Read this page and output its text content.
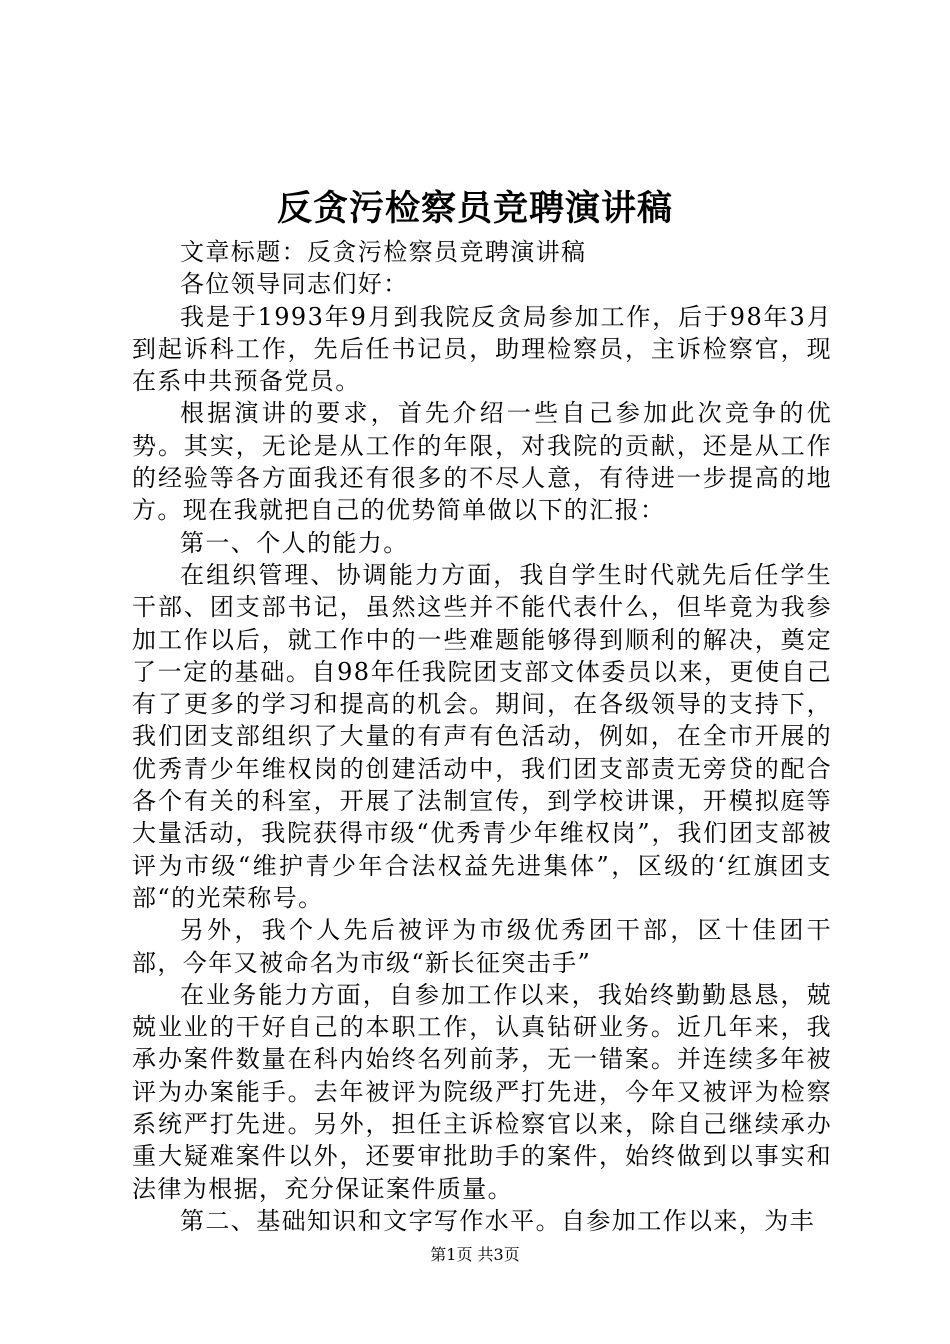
反贪污检察员竞聘演讲稿

文章标题：反贪污检察员竞聘演讲稿

各位领导同志们好：

我是于1993年9月到我院反贪局参加工作，后于98年3月到起诉科工作，先后任书记员，助理检察员，主诉检察官，现在系中共预备党员。

根据演讲的要求，首先介绍一些自己参加此次竞争的优势。其实，无论是从工作的年限，对我院的贡献，还是从工作的经验等各方面我还有很多的不尽人意，有待进一步提高的地方。现在我就把自己的优势简单做以下的汇报：

第一、个人的能力。

在组织管理、协调能力方面，我自学生时代就先后任学生干部、团支部书记，虽然这些并不能代表什么，但毕竟为我参加工作以后，就工作中的一些难题能够得到顺利的解决，奠定了一定的基础。自98年任我院团支部文体委员以来，更使自己有了更多的学习和提高的机会。期间，在各级领导的支持下，我们团支部组织了大量的有声有色活动，例如，在全市开展的优秀青少年维权岗的创建活动中，我们团支部责无旁贷的配合各个有关的科室，开展了法制宣传，到学校讲课，开模拟庭等大量活动，我院获得市级“优秀青少年维权岗”，我们团支部被评为市级“维护青少年合法权益先进集体”，区级的‘红旗团支部“的光荣称号。

另外，我个人先后被评为市级优秀团干部，区十佳团干部，今年又被命名为市级“新长征突击手”

在业务能力方面，自参加工作以来，我始终勤勤恳恳，兢兢业业的干好自己的本职工作，认真钻研业务。近几年来，我承办案件数量在科内始终名列前茅，无一错案。并连续多年被评为办案能手。去年被评为院级严打先进，今年又被评为检察系统严打先进。另外，担任主诉检察官以来，除自己继续承办重大疑难案件以外，还要审批助手的案件，始终做到以事实和法律为根据，充分保证案件质量。

第二、基础知识和文字写作水平。自参加工作以来，为丰

第1页 共3页
